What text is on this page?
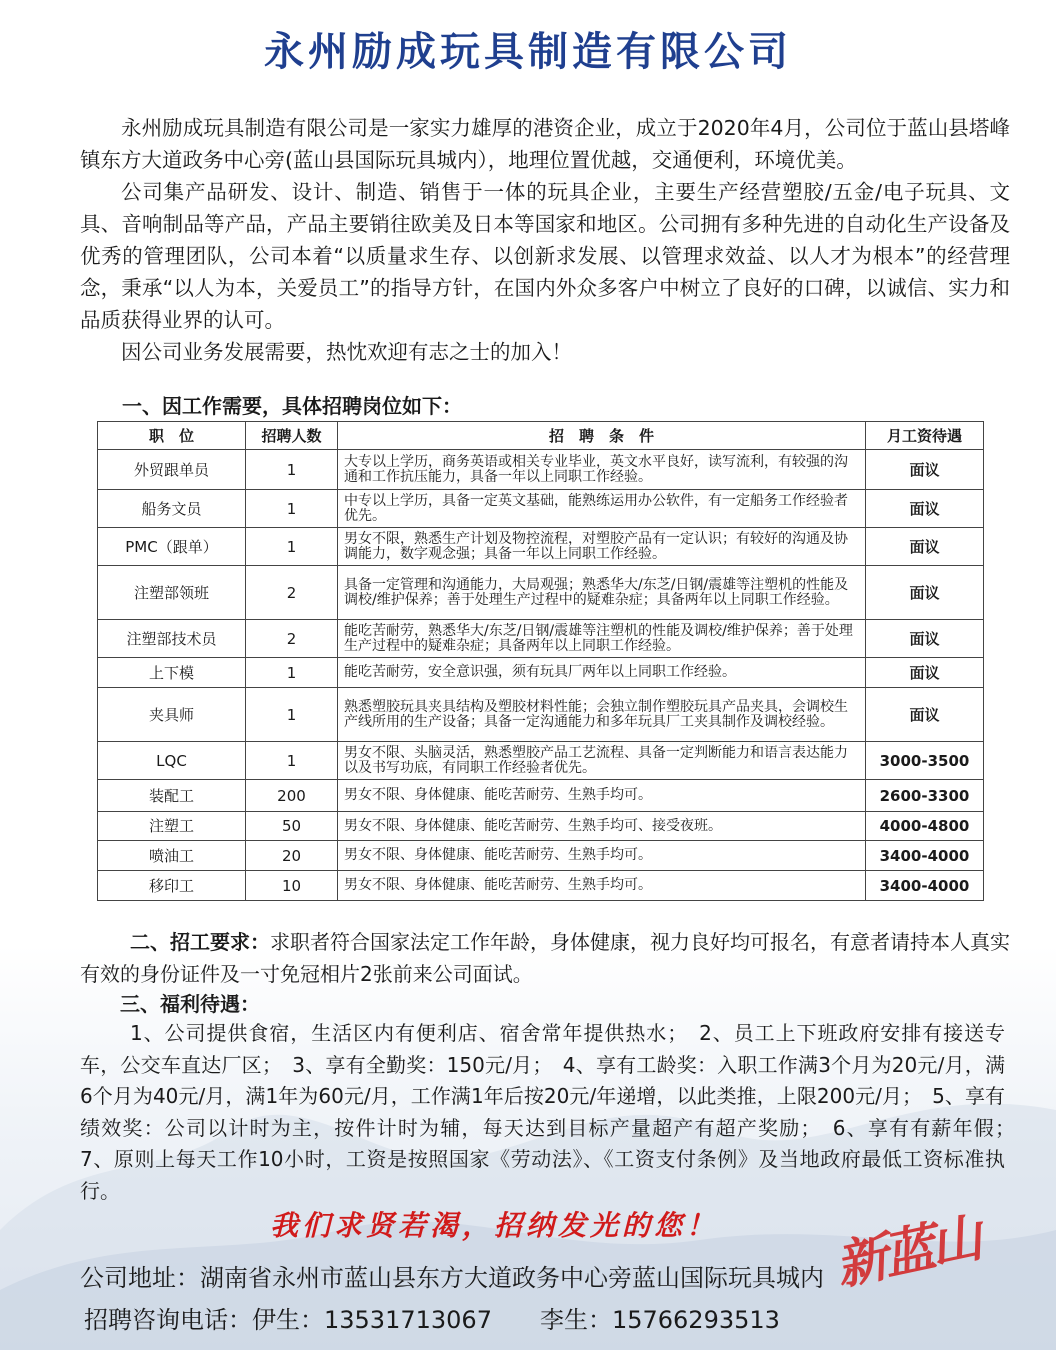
永州励成玩具制造有限公司

永州励成玩具制造有限公司是一家实力雄厚的港资企业，成立于2020年4月，公司位于蓝山县塔峰镇东方大道政务中心旁(蓝山县国际玩具城内），地理位置优越，交通便利，环境优美。

公司集产品研发、设计、制造、销售于一体的玩具企业，主要生产经营塑胶/五金/电子玩具、文具、音响制品等产品，产品主要销往欧美及日本等国家和地区。公司拥有多种先进的自动化生产设备及优秀的管理团队，公司本着“以质量求生存、以创新求发展、以管理求效益、以人才为根本”的经营理念，秉承“以人为本，关爱员工”的指导方针，在国内外众多客户中树立了良好的口碑，以诚信、实力和品质获得业界的认可。

因公司业务发展需要，热忱欢迎有志之士的加入！

一、因工作需要，具体招聘岗位如下：
职　位	招聘人数	招　聘　条　件	月工资待遇
外贸跟单员	1	大专以上学历，商务英语或相关专业毕业，英文水平良好，读写流利，有较强的沟通和工作抗压能力，具备一年以上同职工作经验。	面议
船务文员	1	中专以上学历，具备一定英文基础，能熟练运用办公软件，有一定船务工作经验者优先。	面议
PMC（跟单）	1	男女不限，熟悉生产计划及物控流程，对塑胶产品有一定认识；有较好的沟通及协调能力，数字观念强；具备一年以上同职工作经验。	面议
注塑部领班	2	具备一定管理和沟通能力，大局观强；熟悉华大/东芝/日钢/震雄等注塑机的性能及调校/维护保养；善于处理生产过程中的疑难杂症；具备两年以上同职工作经验。	面议
注塑部技术员	2	能吃苦耐劳，熟悉华大/东芝/日钢/震雄等注塑机的性能及调校/维护保养；善于处理生产过程中的疑难杂症；具备两年以上同职工作经验。	面议
上下模	1	能吃苦耐劳，安全意识强，须有玩具厂两年以上同职工作经验。	面议
夹具师	1	熟悉塑胶玩具夹具结构及塑胶材料性能；会独立制作塑胶玩具产品夹具，会调校生产线所用的生产设备；具备一定沟通能力和多年玩具厂工夹具制作及调校经验。	面议
LQC	1	男女不限、头脑灵活，熟悉塑胶产品工艺流程、具备一定判断能力和语言表达能力以及书写功底，有同职工作经验者优先。	3000-3500
装配工	200	男女不限、身体健康、能吃苦耐劳、生熟手均可。	2600-3300
注塑工	50	男女不限、身体健康、能吃苦耐劳、生熟手均可、接受夜班。	4000-4800
喷油工	20	男女不限、身体健康、能吃苦耐劳、生熟手均可。	3400-4000
移印工	10	男女不限、身体健康、能吃苦耐劳、生熟手均可。	3400-4000
二、招工要求：求职者符合国家法定工作年龄，身体健康，视力良好均可报名，有意者请持本人真实有效的身份证件及一寸免冠相片2张前来公司面试。
三、福利待遇：
1、公司提供食宿，生活区内有便利店、宿舍常年提供热水；　2、员工上下班政府安排有接送专车，公交车直达厂区；　3、享有全勤奖：150元/月；　4、享有工龄奖：入职工作满3个月为20元/月，满6个月为40元/月，满1年为60元/月，工作满1年后按20元/年递增，以此类推，上限200元/月；　5、享有绩效奖：公司以计时为主，按件计时为辅，每天达到目标产量超产有超产奖励；　6、享有有薪年假；　7、原则上每天工作10小时，工资是按照国家《劳动法》、《工资支付条例》及当地政府最低工资标准执行。
我们求贤若渴，招纳发光的您！ 新蓝山
公司地址：湖南省永州市蓝山县东方大道政务中心旁蓝山国际玩具城内
招聘咨询电话：伊生：13531713067　　李生：15766293513
